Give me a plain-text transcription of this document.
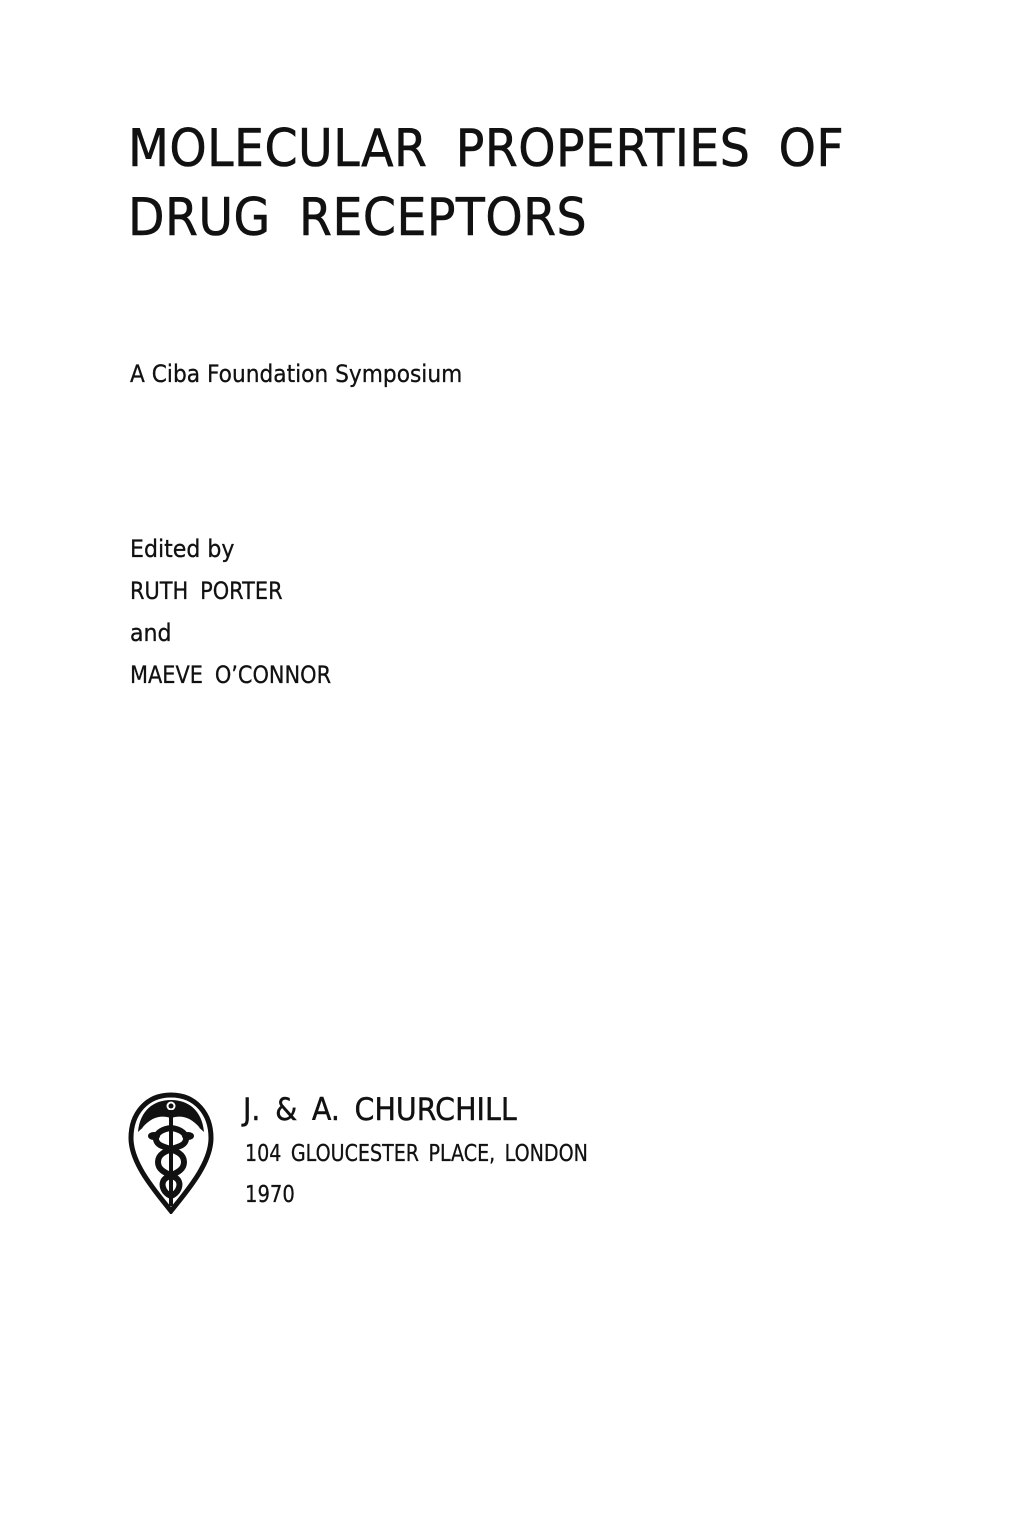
MOLECULAR PROPERTIES OF
DRUG RECEPTORS
A Ciba Foundation Symposium
Edited by
RUTH PORTER
and
MAEVE O’CONNOR
J. & A. CHURCHILL
104 GLOUCESTER PLACE, LONDON
1970
